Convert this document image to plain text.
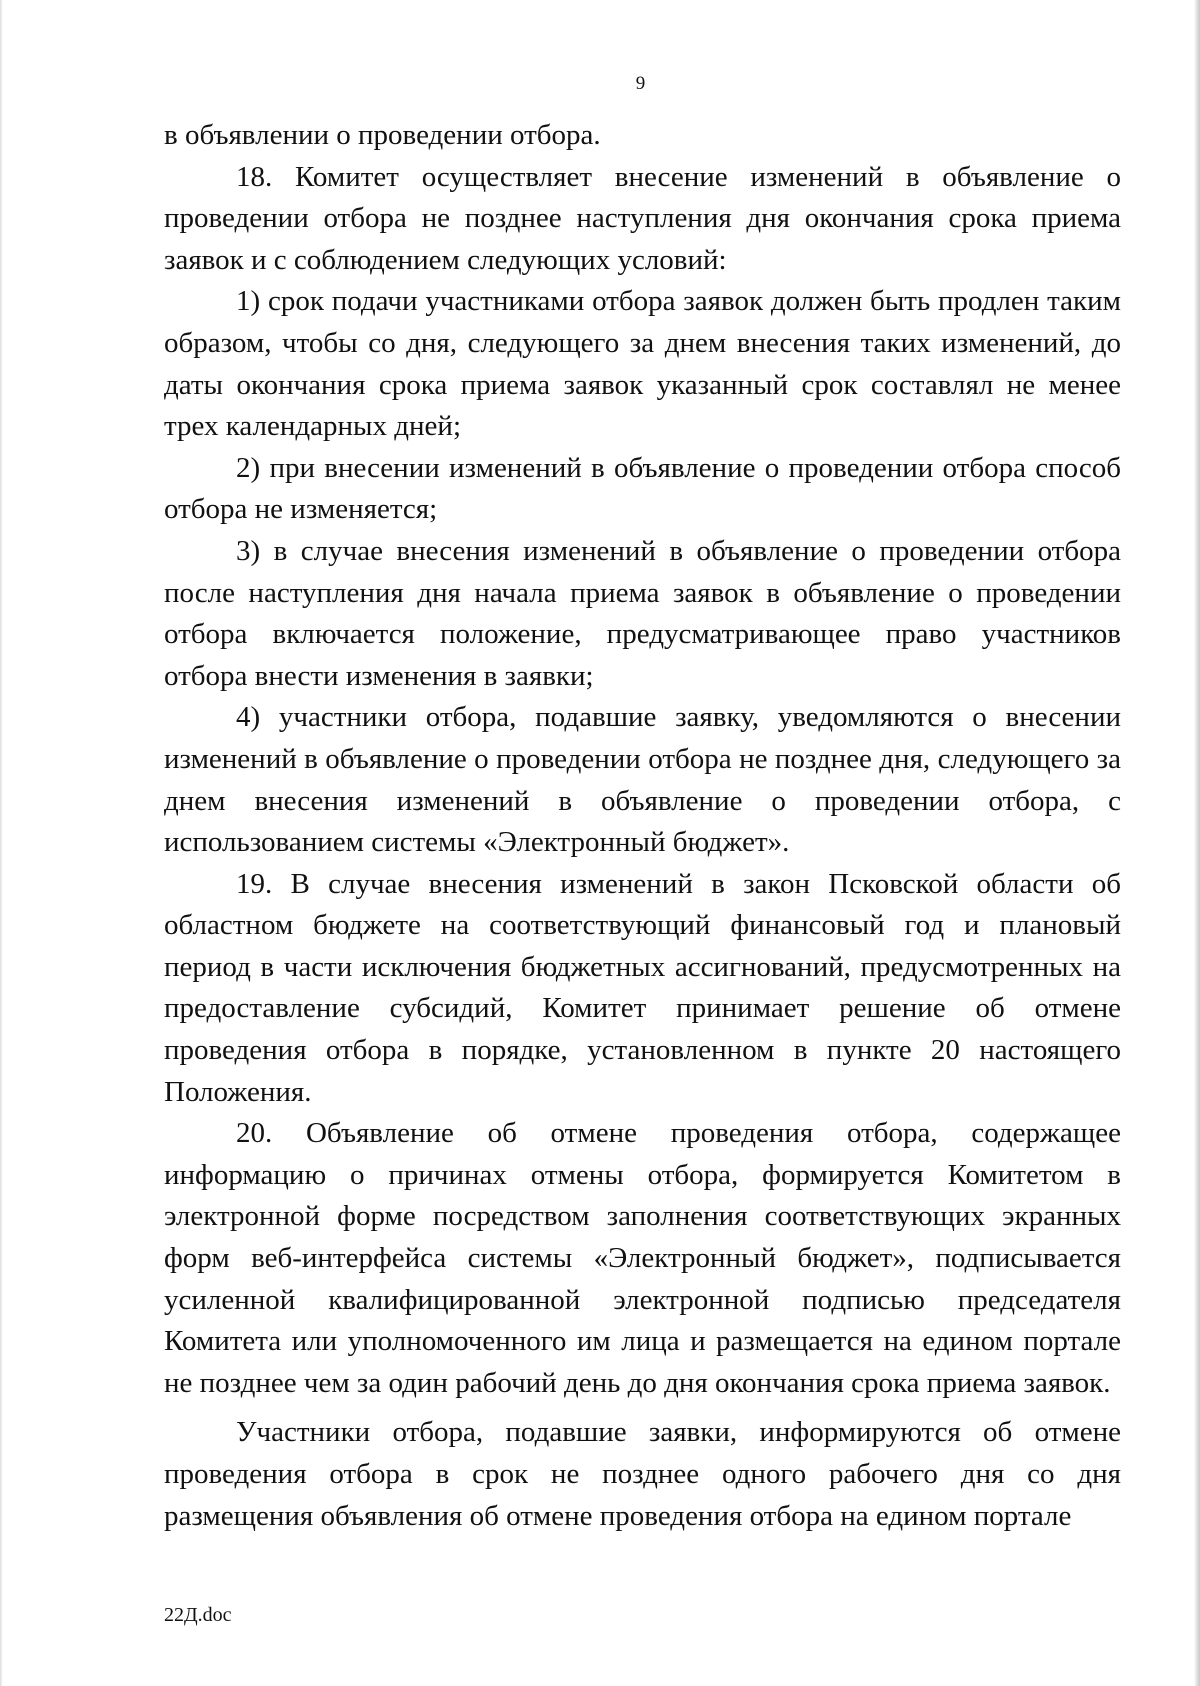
9

в объявлении о проведении отбора.

18. Комитет осуществляет внесение изменений в объявление о проведении отбора не позднее наступления дня окончания срока приема заявок и с соблюдением следующих условий:

1) срок подачи участниками отбора заявок должен быть продлен таким образом, чтобы со дня, следующего за днем внесения таких изменений, до даты окончания срока приема заявок указанный срок составлял не менее трех календарных дней;

2) при внесении изменений в объявление о проведении отбора способ отбора не изменяется;

3) в случае внесения изменений в объявление о проведении отбора после наступления дня начала приема заявок в объявление о проведении отбора включается положение, предусматривающее право участников отбора внести изменения в заявки;

4) участники отбора, подавшие заявку, уведомляются о внесении изменений в объявление о проведении отбора не позднее дня, следующего за днем внесения изменений в объявление о проведении отбора, с использованием системы «Электронный бюджет».

19. В случае внесения изменений в закон Псковской области об областном бюджете на соответствующий финансовый год и плановый период в части исключения бюджетных ассигнований, предусмотренных на предоставление субсидий, Комитет принимает решение об отмене проведения отбора в порядке, установленном в пункте 20 настоящего Положения.

20. Объявление об отмене проведения отбора, содержащее информацию о причинах отмены отбора, формируется Комитетом в электронной форме посредством заполнения соответствующих экранных форм веб-интерфейса системы «Электронный бюджет», подписывается усиленной квалифицированной электронной подписью председателя Комитета или уполномоченного им лица и размещается на едином портале не позднее чем за один рабочий день до дня окончания срока приема заявок.

Участники отбора, подавшие заявки, информируются об отмене проведения отбора в срок не позднее одного рабочего дня со дня размещения объявления об отмене проведения отбора на едином портале

22Д.doc
